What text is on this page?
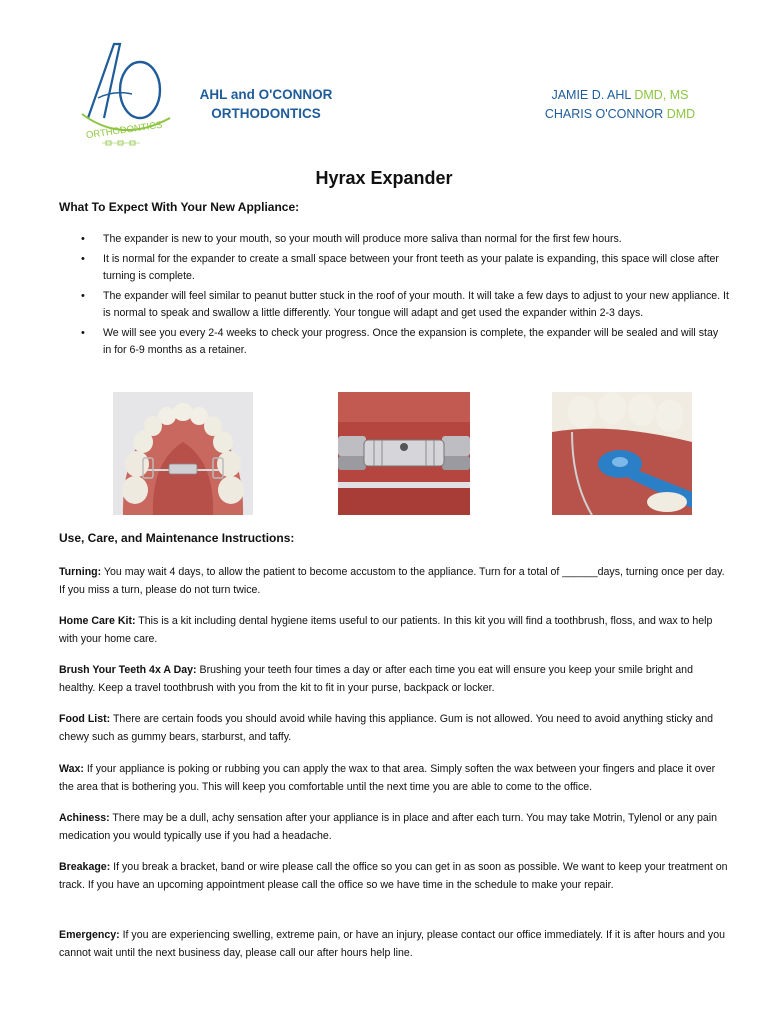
ORTHODONTICS
AHL and O'CONNOR
ORTHODONTICS
JAMIE D. AHL DMD, MS
CHARIS O'CONNOR DMD
Hyrax Expander
What To Expect With Your New Appliance:
• The expander is new to your mouth, so your mouth will produce more saliva than normal for the first few hours.
• It is normal for the expander to create a small space between your front teeth as your palate is expanding, this space will close after turning is complete.
• The expander will feel similar to peanut butter stuck in the roof of your mouth. It will take a few days to adjust to your new appliance. It is normal to speak and swallow a little differently. Your tongue will adapt and get used the expander within 2-3 days.
• We will see you every 2-4 weeks to check your progress. Once the expansion is complete, the expander will be sealed and will stay in for 6-9 months as a retainer.
Use, Care, and Maintenance Instructions:

Turning: You may wait 4 days, to allow the patient to become accustom to the appliance. Turn for a total of ______days, turning once per day. If you miss a turn, please do not turn twice.

Home Care Kit: This is a kit including dental hygiene items useful to our patients. In this kit you will find a toothbrush, floss, and wax to help with your home care.

Brush Your Teeth 4x A Day: Brushing your teeth four times a day or after each time you eat will ensure you keep your smile bright and healthy. Keep a travel toothbrush with you from the kit to fit in your purse, backpack or locker.

Food List: There are certain foods you should avoid while having this appliance. Gum is not allowed. You need to avoid anything sticky and chewy such as gummy bears, starburst, and taffy.

Wax: If your appliance is poking or rubbing you can apply the wax to that area. Simply soften the wax between your fingers and place it over the area that is bothering you. This will keep you comfortable until the next time you are able to come to the office.

Achiness: There may be a dull, achy sensation after your appliance is in place and after each turn. You may take Motrin, Tylenol or any pain medication you would typically use if you had a headache.

Breakage: If you break a bracket, band or wire please call the office so you can get in as soon as possible. We want to keep your treatment on track. If you have an upcoming appointment please call the office so we have time in the schedule to make your repair.

Emergency: If you are experiencing swelling, extreme pain, or have an injury, please contact our office immediately. If it is after hours and you cannot wait until the next business day, please call our after hours help line.
